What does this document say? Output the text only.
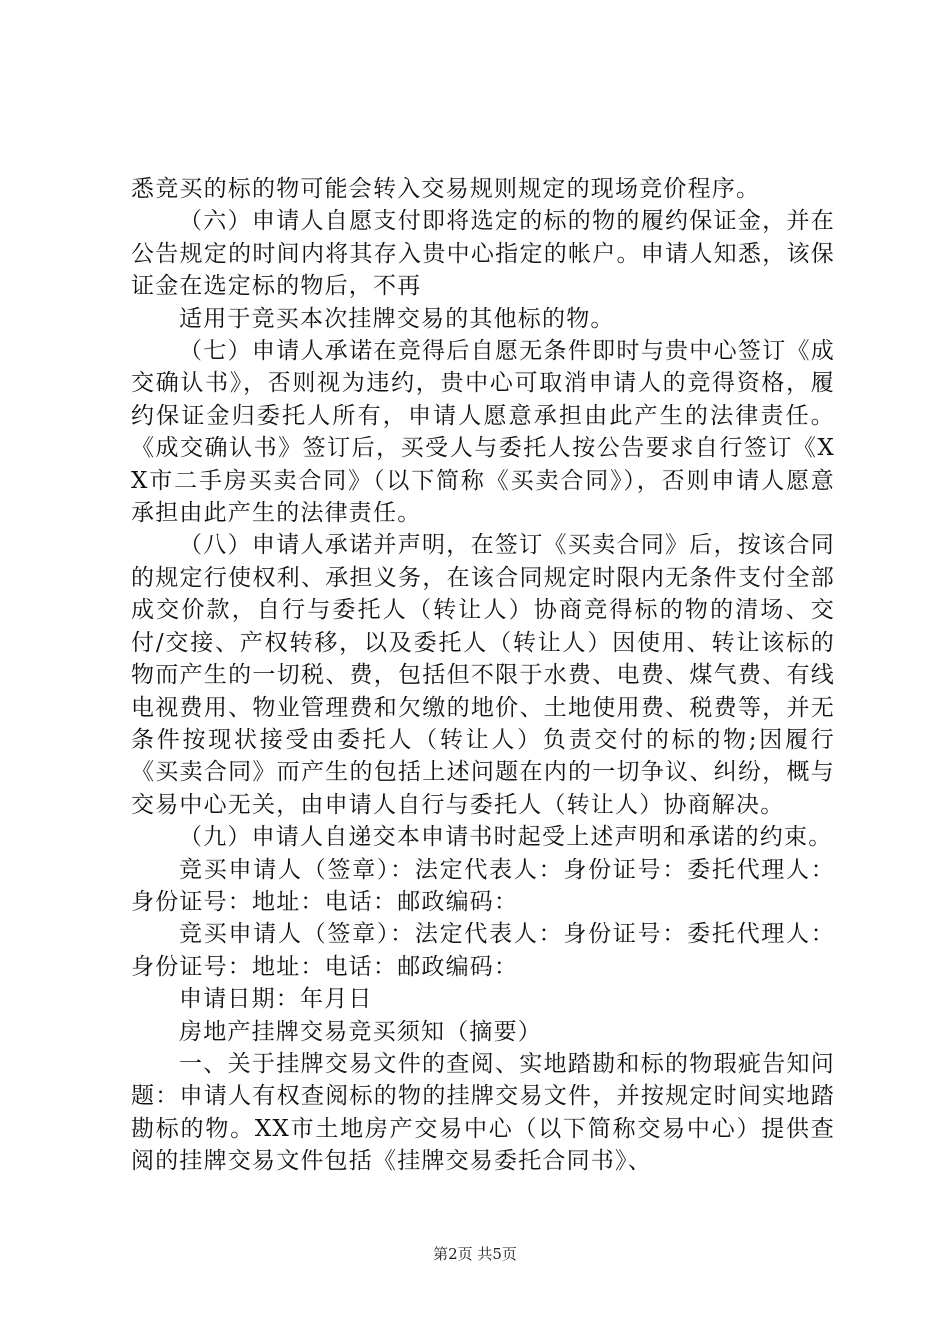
悉竞买的标的物可能会转入交易规则规定的现场竞价程序。

（六）申请人自愿支付即将选定的标的物的履约保证金，并在公告规定的时间内将其存入贵中心指定的帐户。申请人知悉，该保证金在选定标的物后，不再

适用于竞买本次挂牌交易的其他标的物。

（七）申请人承诺在竞得后自愿无条件即时与贵中心签订《成交确认书》，否则视为违约，贵中心可取消申请人的竞得资格，履约保证金归委托人所有，申请人愿意承担由此产生的法律责任。《成交确认书》签订后，买受人与委托人按公告要求自行签订《XX市二手房买卖合同》（以下简称《买卖合同》），否则申请人愿意承担由此产生的法律责任。

（八）申请人承诺并声明，在签订《买卖合同》后，按该合同的规定行使权利、承担义务，在该合同规定时限内无条件支付全部成交价款，自行与委托人（转让人）协商竞得标的物的清场、交付/交接、产权转移，以及委托人（转让人）因使用、转让该标的物而产生的一切税、费，包括但不限于水费、电费、煤气费、有线电视费用、物业管理费和欠缴的地价、土地使用费、税费等，并无条件按现状接受由委托人（转让人）负责交付的标的物;因履行《买卖合同》而产生的包括上述问题在内的一切争议、纠纷，概与交易中心无关，由申请人自行与委托人（转让人）协商解决。

（九）申请人自递交本申请书时起受上述声明和承诺的约束。

竞买申请人（签章）：法定代表人：身份证号：委托代理人：身份证号：地址：电话：邮政编码：

竞买申请人（签章）：法定代表人：身份证号：委托代理人：身份证号：地址：电话：邮政编码：

申请日期：年月日

房地产挂牌交易竞买须知（摘要）

一、关于挂牌交易文件的查阅、实地踏勘和标的物瑕疵告知问题：申请人有权查阅标的物的挂牌交易文件，并按规定时间实地踏勘标的物。XX市土地房产交易中心（以下简称交易中心）提供查阅的挂牌交易文件包括《挂牌交易委托合同书》、

第2页 共5页
